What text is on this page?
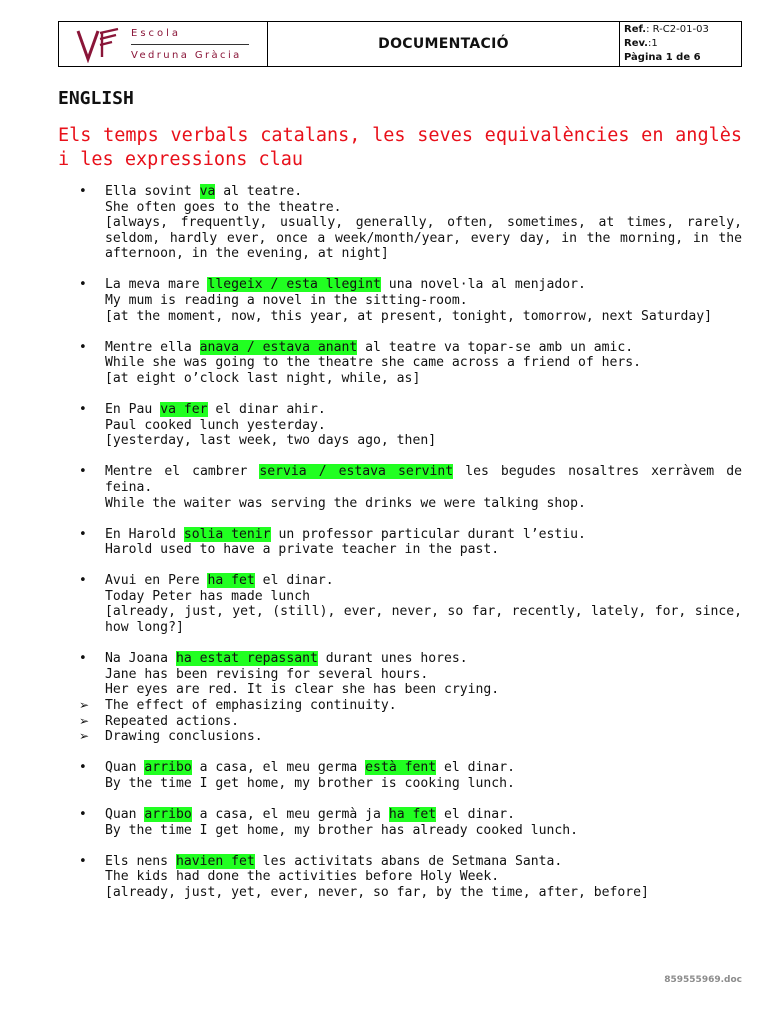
Escola
Vedruna Gràcia
DOCUMENTACIÓ
Ref.: R-C2-01-03
Rev.:1
Pàgina 1 de 6
ENGLISH
Els temps verbals catalans, les seves equivalències en anglès i les expressions clau
• Ella sovint va al teatre.
She often goes to the theatre.
[always, frequently, usually, generally, often, sometimes, at times, rarely, seldom, hardly ever, once a week/month/year, every day, in the morning, in the afternoon, in the evening, at night]
• La meva mare llegeix / esta llegint una novel·la al menjador.
My mum is reading a novel in the sitting-room.
[at the moment, now, this year, at present, tonight, tomorrow, next Saturday]
• Mentre ella anava / estava anant al teatre va topar-se amb un amic.
While she was going to the theatre she came across a friend of hers.
[at eight o’clock last night, while, as]
• En Pau va fer el dinar ahir.
Paul cooked lunch yesterday.
[yesterday, last week, two days ago, then]
• Mentre el cambrer servia / estava servint les begudes nosaltres xerràvem de feina.
While the waiter was serving the drinks we were talking shop.
• En Harold solia tenir un professor particular durant l’estiu.
Harold used to have a private teacher in the past.
• Avui en Pere ha fet el dinar.
Today Peter has made lunch
[already, just, yet, (still), ever, never, so far, recently, lately, for, since, how long?]
• Na Joana ha estat repassant durant unes hores.
Jane has been revising for several hours.
Her eyes are red. It is clear she has been crying.
➢ The effect of emphasizing continuity.
➢ Repeated actions.
➢ Drawing conclusions.
• Quan arribo a casa, el meu germa està fent el dinar.
By the time I get home, my brother is cooking lunch.
• Quan arribo a casa, el meu germà ja ha fet el dinar.
By the time I get home, my brother has already cooked lunch.
• Els nens havien fet les activitats abans de Setmana Santa.
The kids had done the activities before Holy Week.
[already, just, yet, ever, never, so far, by the time, after, before]
859555969.doc
